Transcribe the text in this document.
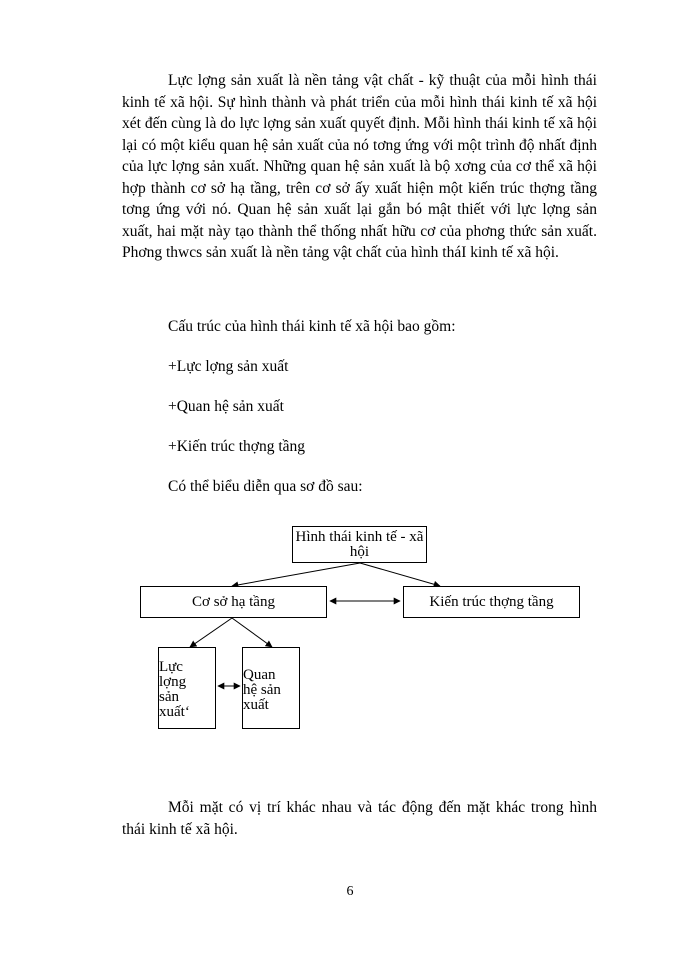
Lực lợng sản xuất là nền tảng vật chất - kỹ thuật của mỗi hình thái kinh tế xã hội. Sự hình thành và phát triển của mỗi hình thái kinh tế xã hội xét đến cùng là do lực lợng sản xuất quyết định. Mỗi hình thái kinh tế xã hội lại có một kiểu quan hệ sản xuất của nó tơng ứng với một trình độ nhất định của lực lợng sản xuất. Những quan hệ sản xuất là bộ xơng của cơ thể xã hội hợp thành cơ sở hạ tầng, trên cơ sở ấy xuất hiện một kiến trúc thợng tầng tơng ứng với nó. Quan hệ sản xuất lại gắn bó mật thiết với lực lợng sản xuất, hai mặt này tạo thành thể thống nhất hữu cơ của phơng thức sản xuất. Phơng thwcs sản xuất là nền tảng vật chất của hình tháI kinh tế xã hội.

Cấu trúc của hình thái kinh tế xã hội bao gồm:

+Lực lợng sản xuất

+Quan hệ sản xuất

+Kiến trúc thợng tầng

Có thể biểu diễn qua sơ đồ sau:

Hình thái kinh tế - xã
hội
Cơ sở hạ tầng	Kiến trúc thợng tầng
Lực
lợng
sản
xuất‘
Quan
hệ sản
xuất

Mỗi mặt có vị trí khác nhau và tác động đến mặt khác trong hình thái kinh tế xã hội.

6
